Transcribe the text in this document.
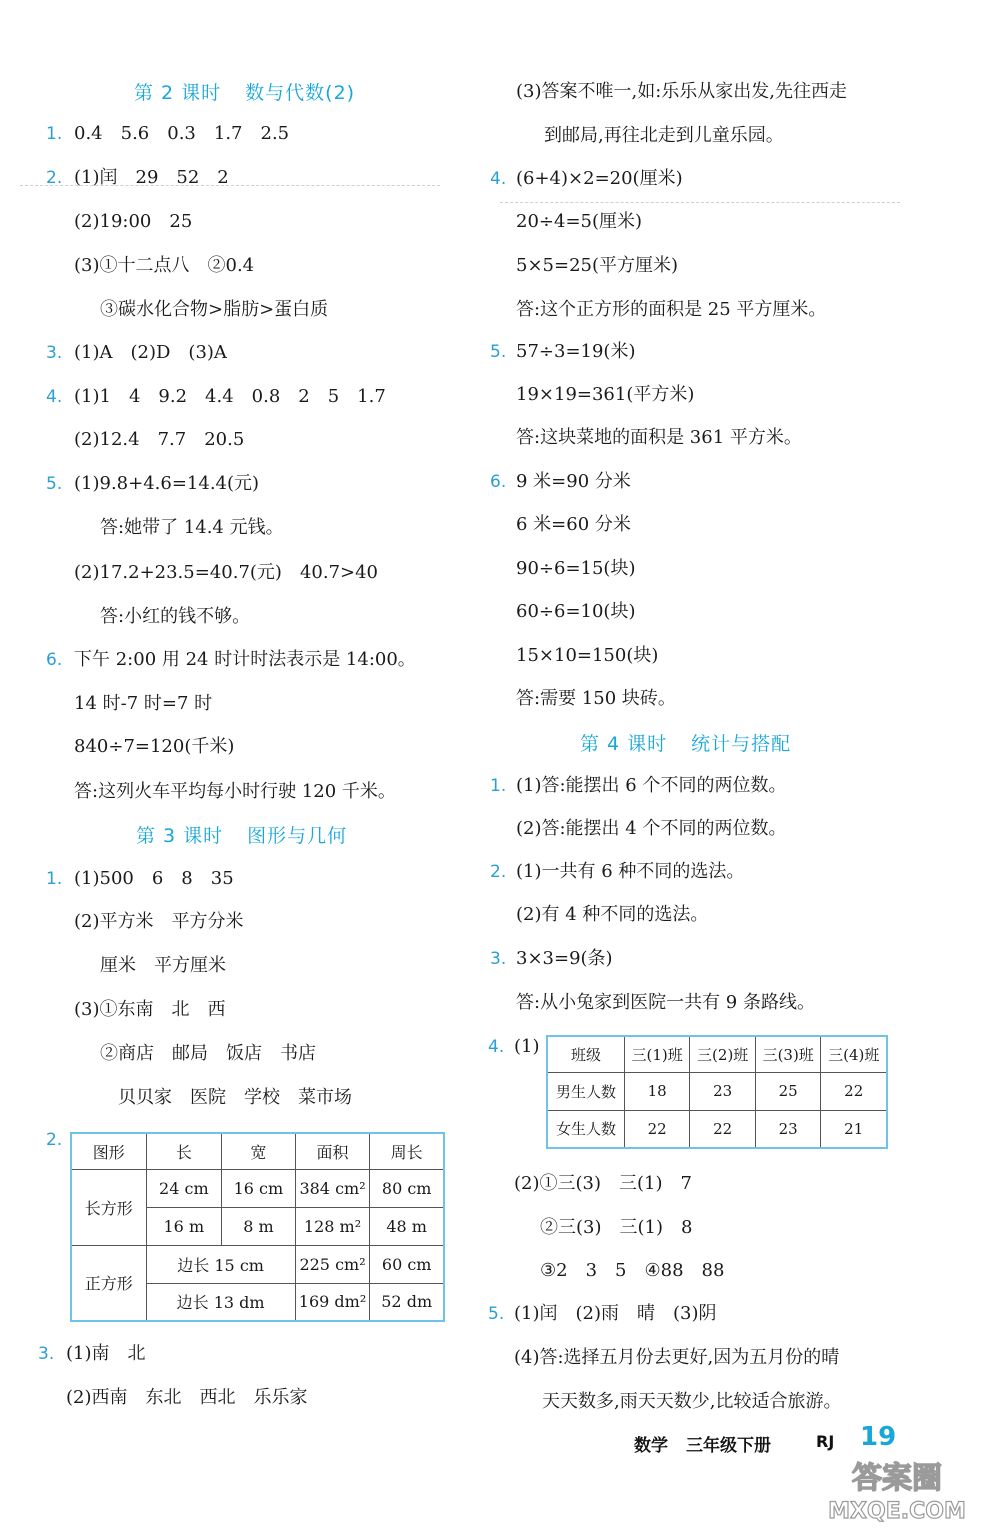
第 2 课时 数与代数(2)
1. 0.4　5.6　0.3　1.7　2.5
2. (1)闰　29　52　2
(2)19:00　25
(3)①十二点八　②0.4
③碳水化合物>脂肪>蛋白质
3. (1)A　(2)D　(3)A
4. (1)1　4　9.2　4.4　0.8　2　5　1.7
(2)12.4　7.7　20.5
5. (1)9.8+4.6=14.4(元)
答:她带了 14.4 元钱。
(2)17.2+23.5=40.7(元)　40.7>40
答:小红的钱不够。
6. 下午 2:00 用 24 时计时法表示是 14:00。
14 时-7 时=7 时
840÷7=120(千米)
答:这列火车平均每小时行驶 120 千米。
第 3 课时 图形与几何
1. (1)500　6　8　35
(2)平方米　平方分米
厘米　平方厘米
(3)①东南　北　西
②商店　邮局　饭店　书店
贝贝家　医院　学校　菜市场
2.
图形	长	宽	面积	周长
长方形	24 cm	16 cm	384 cm²	80 cm
	16 m	8 m	128 m²	48 m
正方形	边长 15 cm		225 cm²	60 cm
	边长 13 dm		169 dm²	52 dm
3. (1)南　北
(2)西南　东北　西北　乐乐家
(3)答案不唯一,如:乐乐从家出发,先往西走
到邮局,再往北走到儿童乐园。
4. (6+4)×2=20(厘米)
20÷4=5(厘米)
5×5=25(平方厘米)
答:这个正方形的面积是 25 平方厘米。
5. 57÷3=19(米)
19×19=361(平方米)
答:这块菜地的面积是 361 平方米。
6. 9 米=90 分米
6 米=60 分米
90÷6=15(块)
60÷6=10(块)
15×10=150(块)
答:需要 150 块砖。
第 4 课时 统计与搭配
1. (1)答:能摆出 6 个不同的两位数。
(2)答:能摆出 4 个不同的两位数。
2. (1)一共有 6 种不同的选法。
(2)有 4 种不同的选法。
3. 3×3=9(条)
答:从小兔家到医院一共有 9 条路线。
4. (1) 班级	三(1)班	三(2)班	三(3)班	三(4)班
男生人数	18	23	25	22
女生人数	22	22	23	21
(2)①三(3)　三(1)　7
②三(3)　三(1)　8
③2　3　5　④88　88
5. (1)闰　(2)雨　晴　(3)阴
(4)答:选择五月份去更好,因为五月份的晴
天天数多,雨天天数少,比较适合旅游。
数学 三年级下册	RJ 19
答案圈
MXQE.COM
